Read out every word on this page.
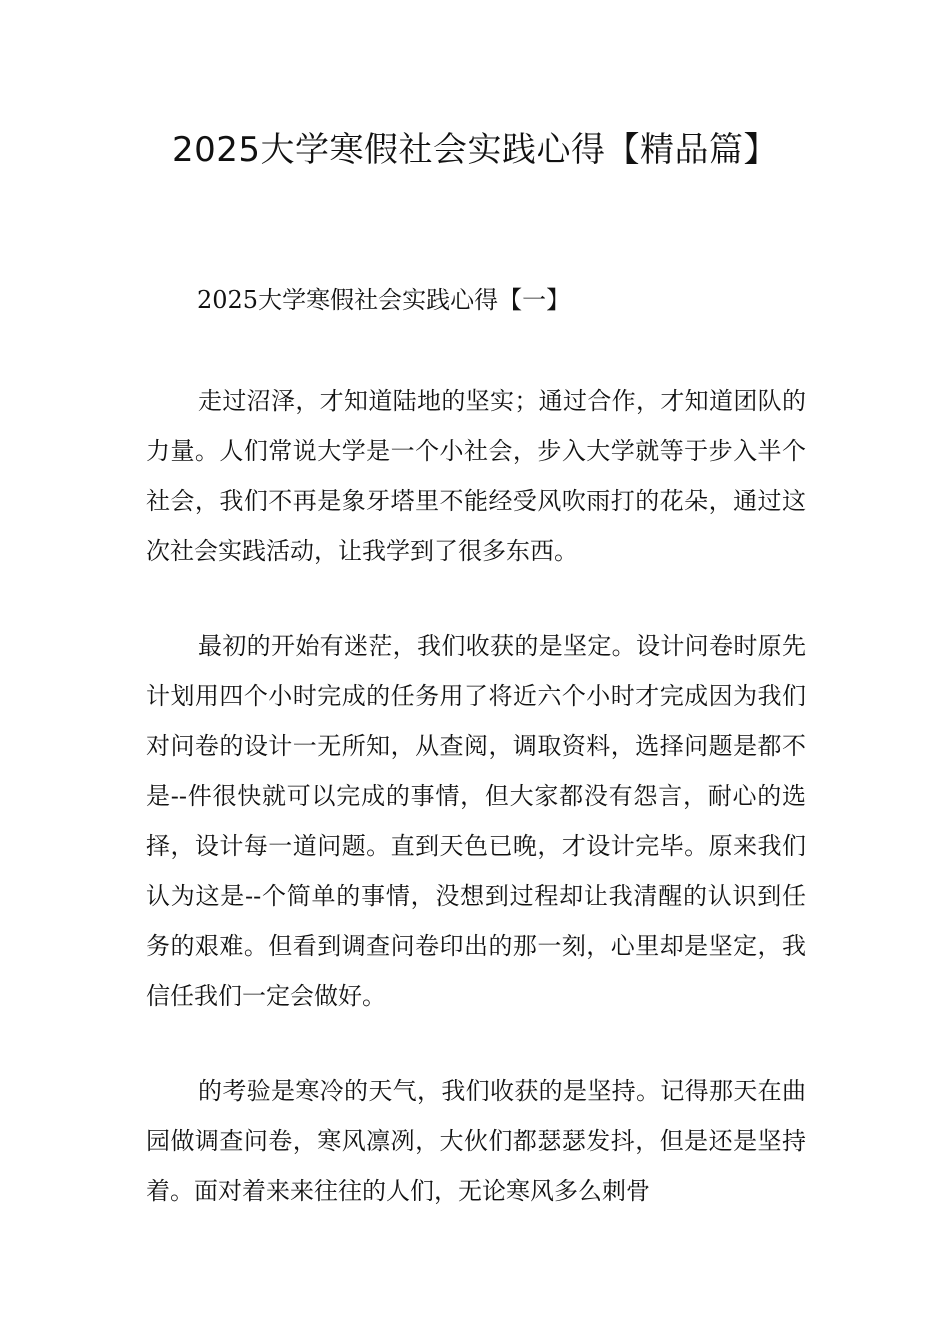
2025大学寒假社会实践心得【精品篇】
2025大学寒假社会实践心得【一】

走过沼泽，才知道陆地的坚实；通过合作，才知道团队的力量。人们常说大学是一个小社会，步入大学就等于步入半个社会，我们不再是象牙塔里不能经受风吹雨打的花朵，通过这次社会实践活动，让我学到了很多东西。

最初的开始有迷茫，我们收获的是坚定。设计问卷时原先计划用四个小时完成的任务用了将近六个小时才完成因为我们对问卷的设计一无所知，从查阅，调取资料，选择问题是都不是--件很快就可以完成的事情，但大家都没有怨言，耐心的选择，设计每一道问题。直到天色已晚，才设计完毕。原来我们认为这是--个简单的事情，没想到过程却让我清醒的认识到任务的艰难。但看到调查问卷印出的那一刻，心里却是坚定，我信任我们一定会做好。

的考验是寒冷的天气，我们收获的是坚持。记得那天在曲园做调查问卷，寒风凛冽，大伙们都瑟瑟发抖，但是还是坚持着。面对着来来往往的人们，无论寒风多么刺骨
